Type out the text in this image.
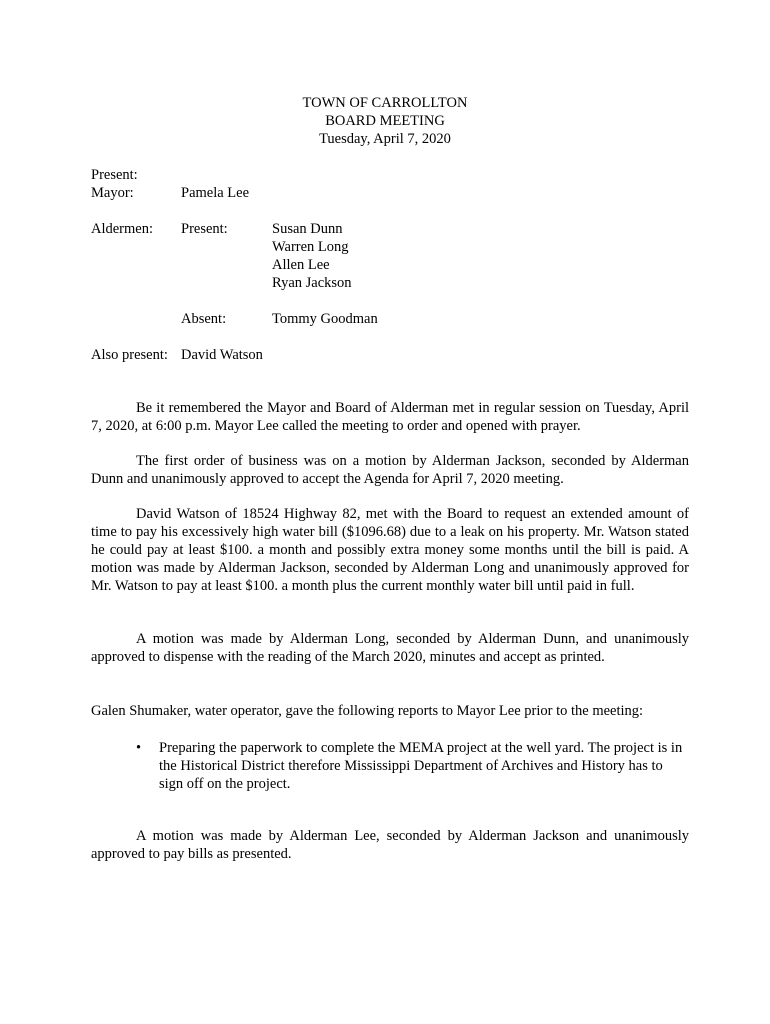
TOWN OF CARROLLTON
BOARD MEETING
Tuesday, April 7, 2020
Present:
Mayor:	Pamela Lee
Aldermen: Present:	Susan Dunn
Warren Long
Allen Lee
Ryan Jackson
Absent:	Tommy Goodman
Also present: David Watson
Be it remembered the Mayor and Board of Alderman met in regular session on Tuesday, April 7, 2020, at 6:00 p.m. Mayor Lee called the meeting to order and opened with prayer.
The first order of business was on a motion by Alderman Jackson, seconded by Alderman Dunn and unanimously approved to accept the Agenda for April 7, 2020 meeting.
David Watson of 18524 Highway 82, met with the Board to request an extended amount of time to pay his excessively high water bill ($1096.68) due to a leak on his property. Mr. Watson stated he could pay at least $100. a month and possibly extra money some months until the bill is paid. A motion was made by Alderman Jackson, seconded by Alderman Long and unanimously approved for Mr. Watson to pay at least $100. a month plus the current monthly water bill until paid in full.
A motion was made by Alderman Long, seconded by Alderman Dunn, and unanimously approved to dispense with the reading of the March 2020, minutes and accept as printed.
Galen Shumaker, water operator, gave the following reports to Mayor Lee prior to the meeting:
• Preparing the paperwork to complete the MEMA project at the well yard. The project is in the Historical District therefore Mississippi Department of Archives and History has to sign off on the project.
A motion was made by Alderman Lee, seconded by Alderman Jackson and unanimously approved to pay bills as presented.
